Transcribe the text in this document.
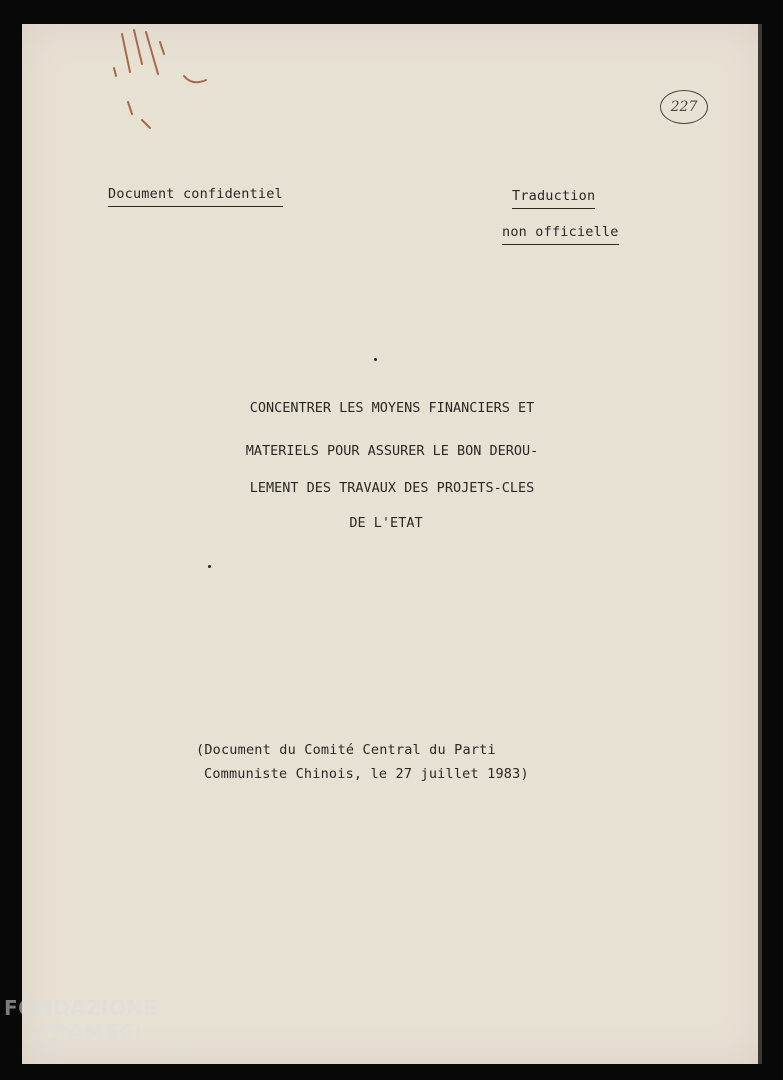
227
Document confidentiel	Traduction
non officielle
CONCENTRER LES MOYENS FINANCIERS ET
MATERIELS POUR ASSURER LE BON DEROU-
LEMENT DES TRAVAUX DES PROJETS-CLES
DE L'ETAT
(Document du Comité Central du Parti
Communiste Chinois, le 27 juillet 1983)
FONDAZIONE
G
RAMSCI
onlus
